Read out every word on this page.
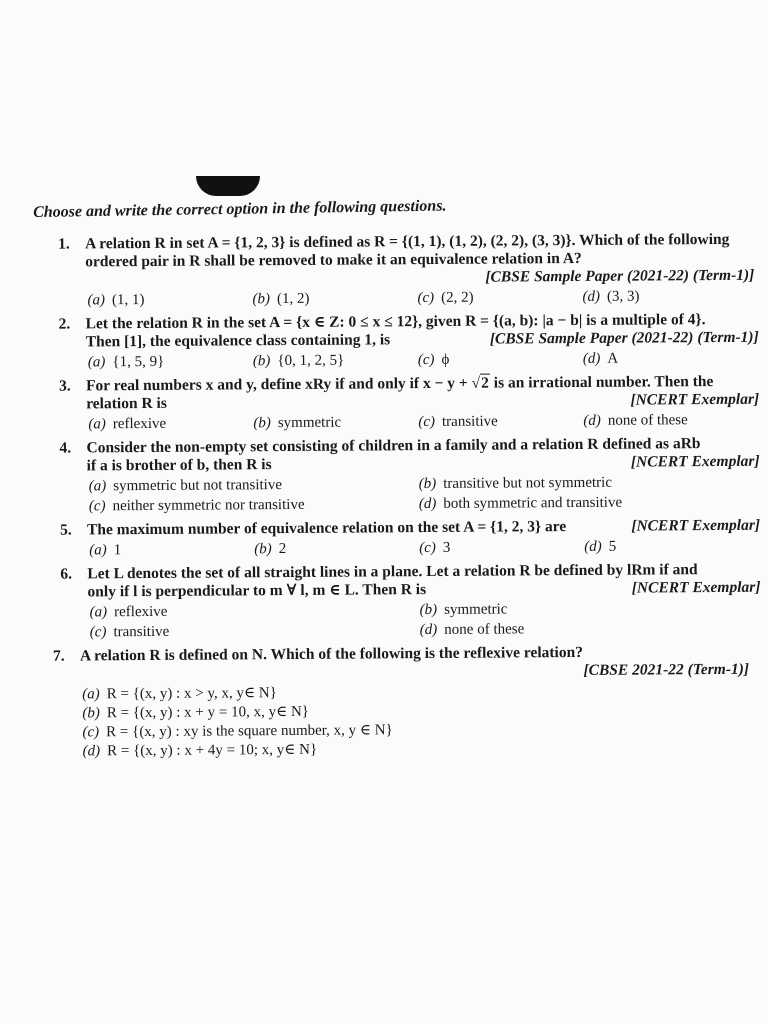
Choose and write the correct option in the following questions.
1. A relation R in set A = {1, 2, 3} is defined as R = {(1, 1), (1, 2), (2, 2), (3, 3)}. Which of the following ordered pair in R shall be removed to make it an equivalence relation in A?
[CBSE Sample Paper (2021-22) (Term-1)]
(a) (1, 1)	(b) (1, 2)	(c) (2, 2)	(d) (3, 3)
2. Let the relation R in the set A = {x ∈ Z: 0 ≤ x ≤ 12}, given R = {(a, b): |a − b| is a multiple of 4}.
Then [1], the equivalence class containing 1, is	[CBSE Sample Paper (2021-22) (Term-1)]
(a) {1, 5, 9}	(b) {0, 1, 2, 5}	(c) ϕ	(d) A
3. For real numbers x and y, define xRy if and only if x − y + √2 is an irrational number. Then the
relation R is	[NCERT Exemplar]
(a) reflexive	(b) symmetric	(c) transitive	(d) none of these
4. Consider the non-empty set consisting of children in a family and a relation R defined as aRb
if a is brother of b, then R is	[NCERT Exemplar]
(a) symmetric but not transitive	(b) transitive but not symmetric
(c) neither symmetric nor transitive	(d) both symmetric and transitive
5. The maximum number of equivalence relation on the set A = {1, 2, 3} are	[NCERT Exemplar]
(a) 1	(b) 2	(c) 3	(d) 5
6. Let L denotes the set of all straight lines in a plane. Let a relation R be defined by lRm if and
only if l is perpendicular to m ∀ l, m ∈ L. Then R is	[NCERT Exemplar]
(a) reflexive	(b) symmetric
(c) transitive	(d) none of these
7. A relation R is defined on N. Which of the following is the reflexive relation?
[CBSE 2021-22 (Term-1)]
(a) R = {(x, y) : x > y, x, y∈ N}
(b) R = {(x, y) : x + y = 10, x, y∈ N}
(c) R = {(x, y) : xy is the square number, x, y ∈ N}
(d) R = {(x, y) : x + 4y = 10; x, y∈ N}
